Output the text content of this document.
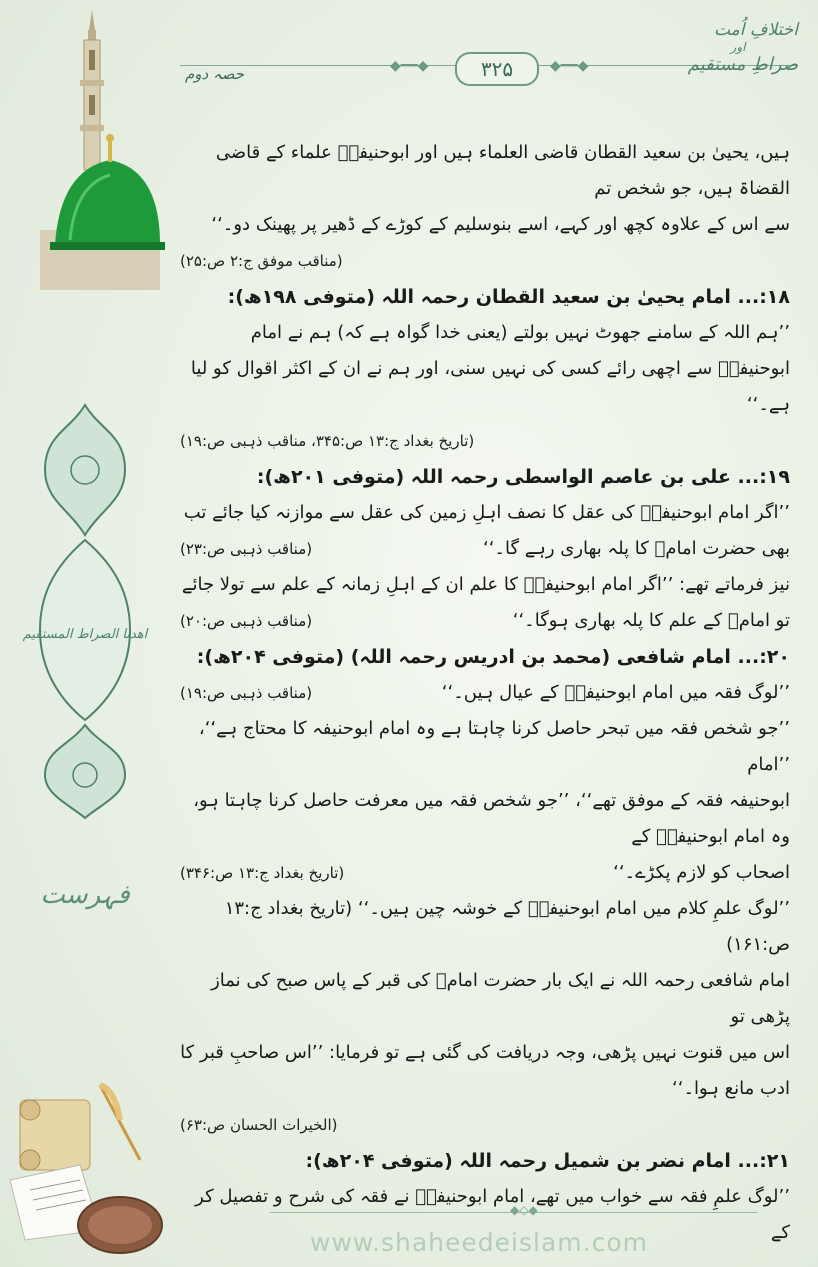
اھدنا الصراط المستقیم
فہرست
حصہ دوم	◆━━◆	۳۲۵	◆━━◆
اختلافِ اُمت
اور
صراطِ مستقیم

ہیں، یحییٰ بن سعید القطان قاضی العلماء ہیں اور ابوحنیفہؒ علماء کے قاضی القضاۃ ہیں، جو شخص تم

سے اس کے علاوہ کچھ اور کہے، اسے بنوسلیم کے کوڑے کے ڈھیر پر پھینک دو۔‘‘

(مناقب موفق ج:۲ ص:۲۵)

۱۸:... امام یحییٰ بن سعید القطان رحمہ اللہ (متوفی ۱۹۸ھ):

’’ہم اللہ کے سامنے جھوٹ نہیں بولتے (یعنی خدا گواہ ہے کہ) ہم نے امام

ابوحنیفہؒ سے اچھی رائے کسی کی نہیں سنی، اور ہم نے ان کے اکثر اقوال کو لیا ہے۔‘‘

(تاریخ بغداد ج:۱۳ ص:۳۴۵، مناقب ذہبی ص:۱۹)

۱۹:... علی بن عاصم الواسطی رحمہ اللہ (متوفی ۲۰۱ھ):

’’اگر امام ابوحنیفہؒ کی عقل کا نصف اہلِ زمین کی عقل سے موازنہ کیا جائے تب

بھی حضرت امامؒ کا پلہ بھاری رہے گا۔‘‘
(مناقب ذہبی ص:۲۳)

نیز فرماتے تھے: ’’اگر امام ابوحنیفہؒ کا علم ان کے اہلِ زمانہ کے علم سے تولا جائے

تو امامؒ کے علم کا پلہ بھاری ہوگا۔‘‘
(مناقب ذہبی ص:۲۰)

۲۰:... امام شافعی (محمد بن ادریس رحمہ اللہ) (متوفی ۲۰۴ھ):

’’لوگ فقہ میں امام ابوحنیفہؒ کے عیال ہیں۔‘‘
(مناقب ذہبی ص:۱۹)

’’جو شخص فقہ میں تبحر حاصل کرنا چاہتا ہے وہ امام ابوحنیفہ کا محتاج ہے‘‘، ’’امام

ابوحنیفہ فقہ کے موفق تھے‘‘، ’’جو شخص فقہ میں معرفت حاصل کرنا چاہتا ہو، وہ امام ابوحنیفہؒ کے

اصحاب کو لازم پکڑے۔‘‘
(تاریخ بغداد ج:۱۳ ص:۳۴۶)

’’لوگ علمِ کلام میں امام ابوحنیفہؒ کے خوشہ چین ہیں۔‘‘ (تاریخ بغداد ج:۱۳ ص:۱۶۱)

امام شافعی رحمہ اللہ نے ایک بار حضرت امامؒ کی قبر کے پاس صبح کی نماز پڑھی تو

اس میں قنوت نہیں پڑھی، وجہ دریافت کی گئی ہے تو فرمایا: ’’اس صاحبِ قبر کا ادب مانع ہوا۔‘‘

(الخیرات الحسان ص:۶۳)

۲۱:... امام نضر بن شمیل رحمہ اللہ (متوفی ۲۰۴ھ):

’’لوگ علمِ فقہ سے خواب میں تھے، امام ابوحنیفہؒ نے فقہ کی شرح و تفصیل کر کے

◆◇◆
www.shaheedeislam.com
